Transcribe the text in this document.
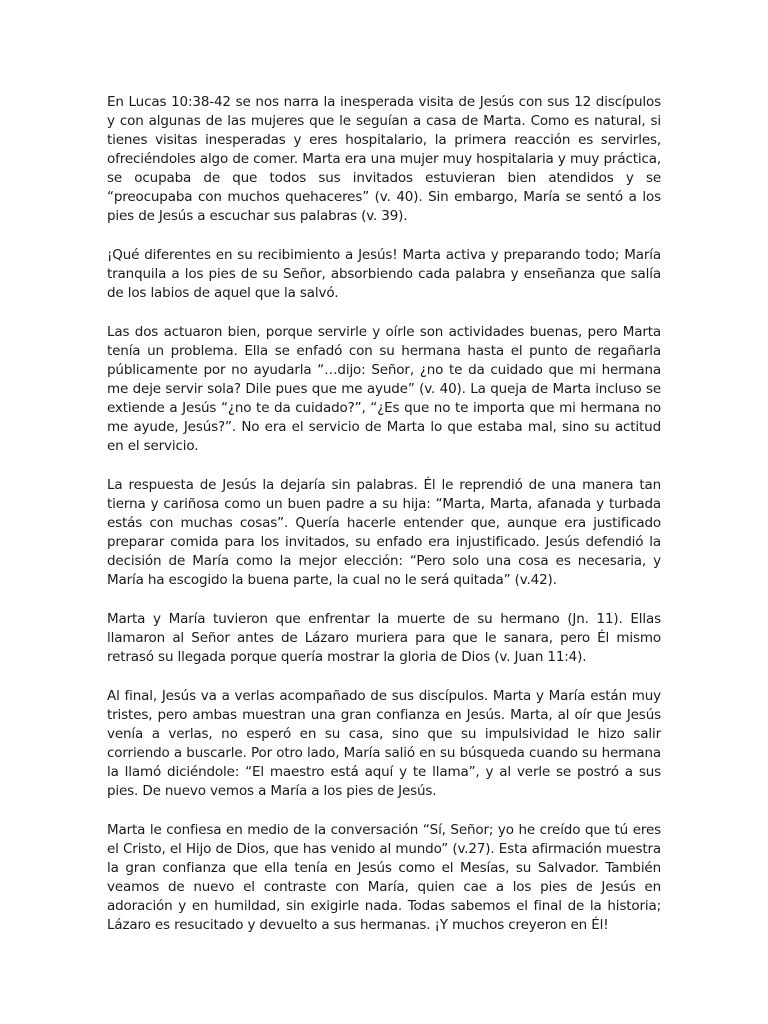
En Lucas 10:38-42 se nos narra la inesperada visita de Jesús con sus 12 discípulos y con algunas de las mujeres que le seguían a casa de Marta. Como es natural, si tienes visitas inesperadas y eres hospitalario, la primera reacción es servirles, ofreciéndoles algo de comer. Marta era una mujer muy hospitalaria y muy práctica, se ocupaba de que todos sus invitados estuvieran bien atendidos y se “preocupaba con muchos quehaceres” (v. 40). Sin embargo, María se sentó a los pies de Jesús a escuchar sus palabras (v. 39).

¡Qué diferentes en su recibimiento a Jesús! Marta activa y preparando todo; María tranquila a los pies de su Señor, absorbiendo cada palabra y enseñanza que salía de los labios de aquel que la salvó.

Las dos actuaron bien, porque servirle y oírle son actividades buenas, pero Marta tenía un problema. Ella se enfadó con su hermana hasta el punto de regañarla públicamente por no ayudarla “…dijo: Señor, ¿no te da cuidado que mi hermana me deje servir sola? Dile pues que me ayude” (v. 40). La queja de Marta incluso se extiende a Jesús “¿no te da cuidado?”, “¿Es que no te importa que mi hermana no me ayude, Jesús?”. No era el servicio de Marta lo que estaba mal, sino su actitud en el servicio.

La respuesta de Jesús la dejaría sin palabras. Él le reprendió de una manera tan tierna y cariñosa como un buen padre a su hija: “Marta, Marta, afanada y turbada estás con muchas cosas”. Quería hacerle entender que, aunque era justificado preparar comida para los invitados, su enfado era injustificado. Jesús defendió la decisión de María como la mejor elección: “Pero solo una cosa es necesaria, y María ha escogido la buena parte, la cual no le será quitada” (v.42).

Marta y María tuvieron que enfrentar la muerte de su hermano (Jn. 11). Ellas llamaron al Señor antes de Lázaro muriera para que le sanara, pero Él mismo retrasó su llegada porque quería mostrar la gloria de Dios (v. Juan 11:4).

Al final, Jesús va a verlas acompañado de sus discípulos. Marta y María están muy tristes, pero ambas muestran una gran confianza en Jesús. Marta, al oír que Jesús venía a verlas, no esperó en su casa, sino que su impulsividad le hizo salir corriendo a buscarle. Por otro lado, María salió en su búsqueda cuando su hermana la llamó diciéndole: “El maestro está aquí y te llama”, y al verle se postró a sus pies. De nuevo vemos a María a los pies de Jesús.

Marta le confiesa en medio de la conversación “Sí, Señor; yo he creído que tú eres el Cristo, el Hijo de Dios, que has venido al mundo” (v.27). Esta afirmación muestra la gran confianza que ella tenía en Jesús como el Mesías, su Salvador. También veamos de nuevo el contraste con María, quien cae a los pies de Jesús en adoración y en humildad, sin exigirle nada. Todas sabemos el final de la historia; Lázaro es resucitado y devuelto a sus hermanas. ¡Y muchos creyeron en Él!
